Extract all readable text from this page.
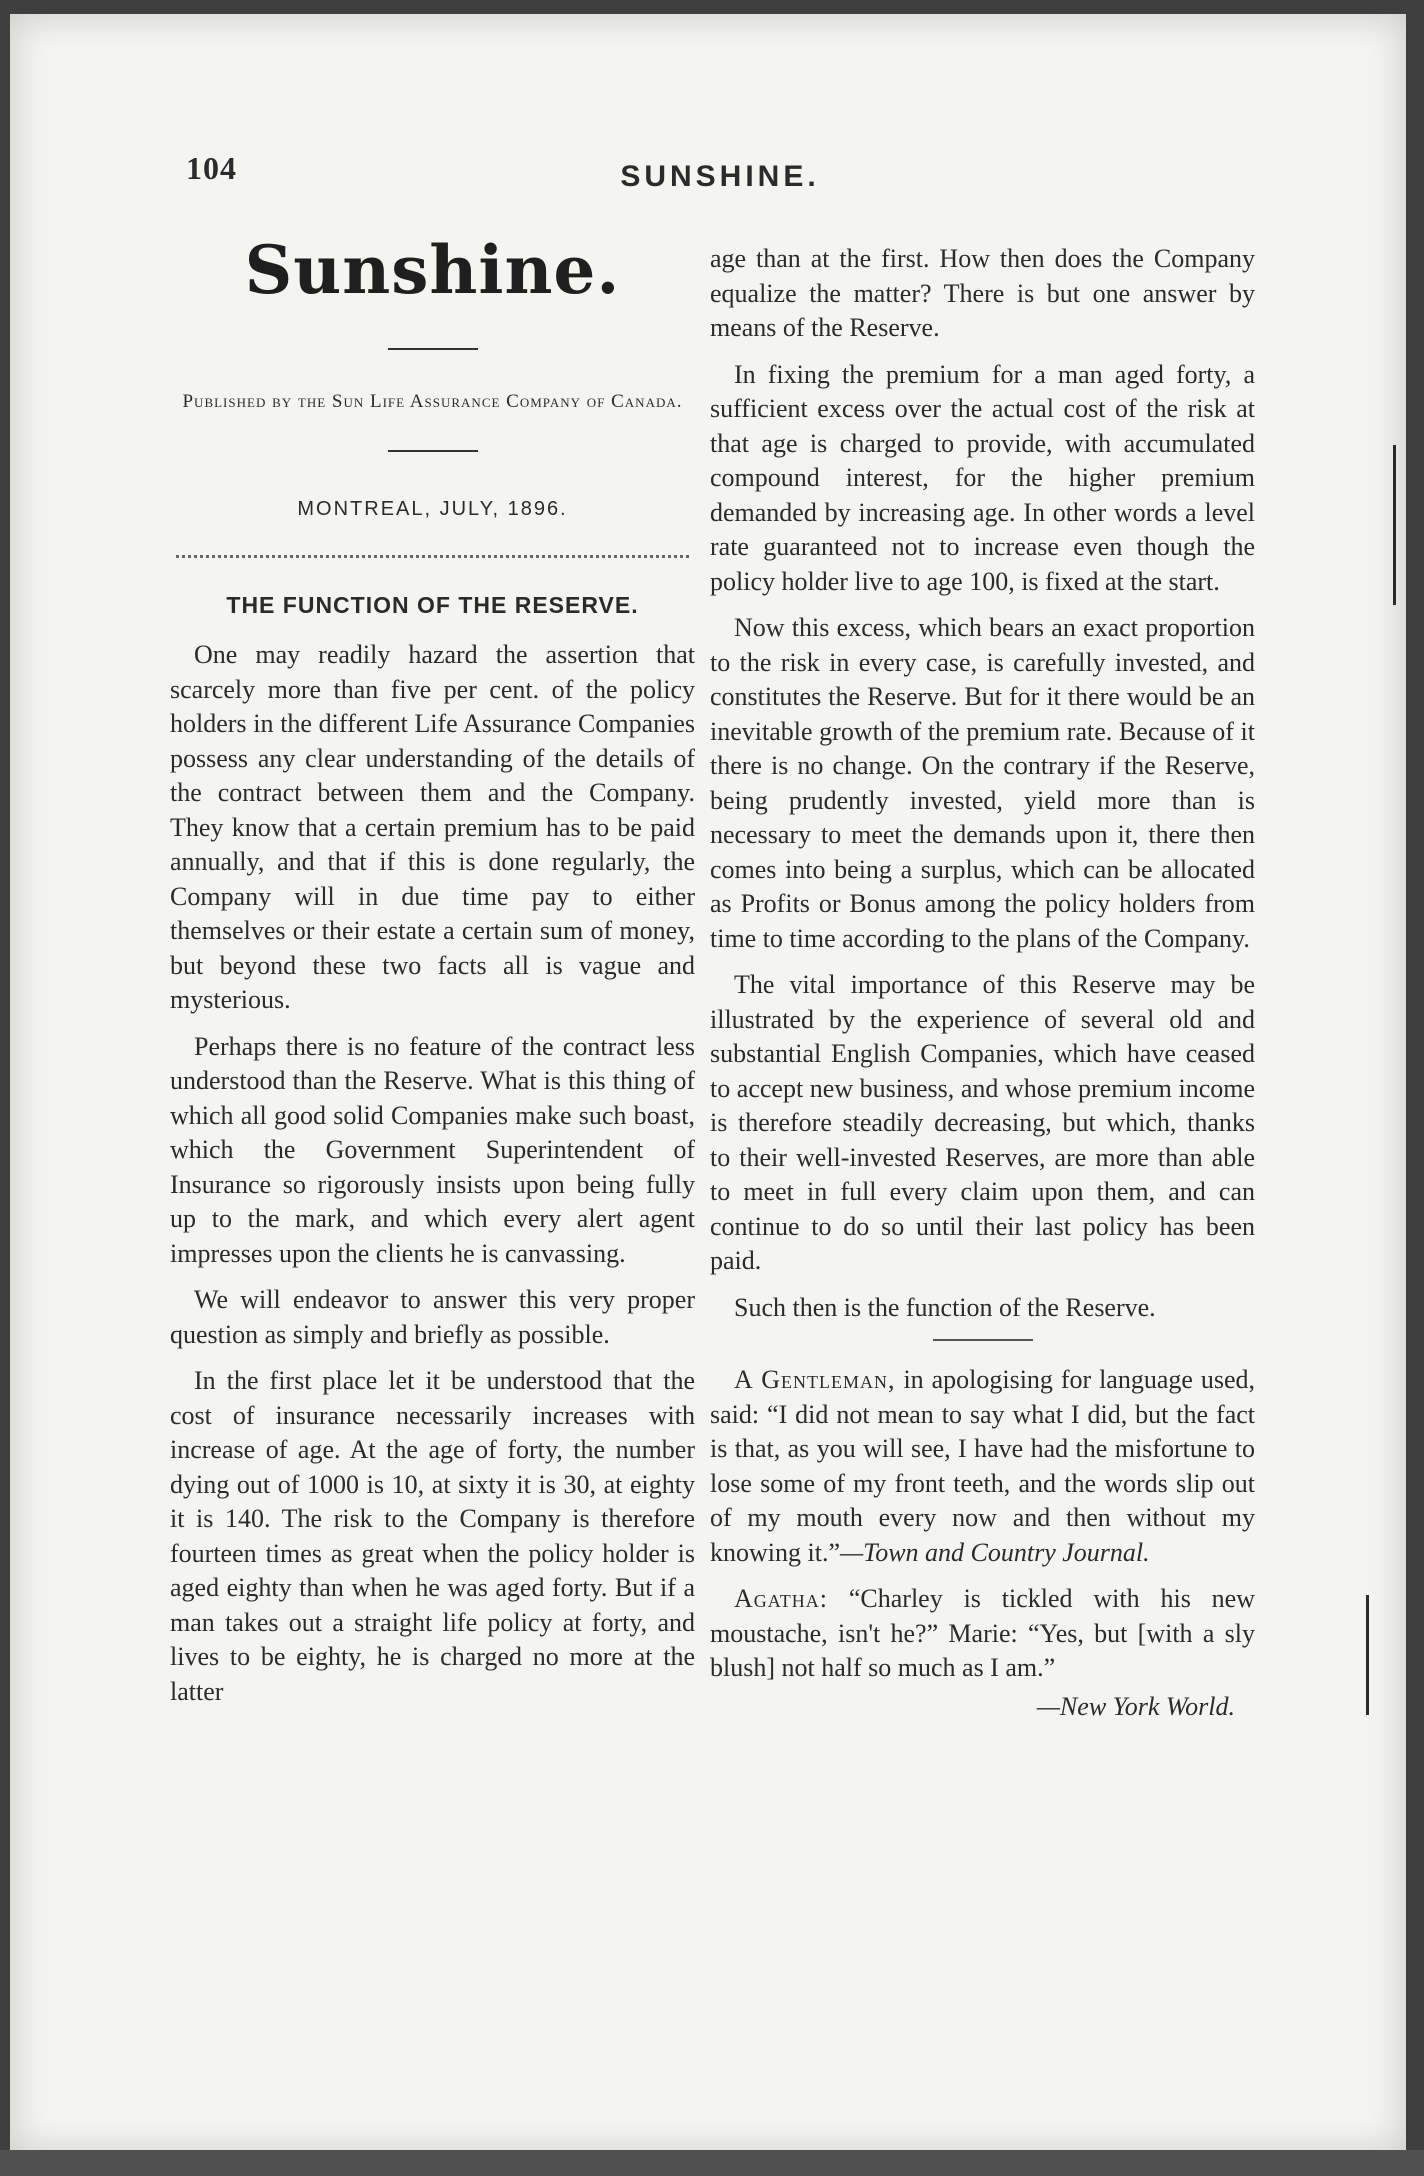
104	SUNSHINE.
Sunshine.
Published by the Sun Life Assurance Company of Canada.
MONTREAL, JULY, 1896.
THE FUNCTION OF THE RESERVE.

One may readily hazard the assertion that scarcely more than five per cent. of the policy holders in the different Life Assurance Companies possess any clear understanding of the details of the contract between them and the Company. They know that a certain premium has to be paid annually, and that if this is done regularly, the Company will in due time pay to either themselves or their estate a certain sum of money, but beyond these two facts all is vague and mysterious.

Perhaps there is no feature of the contract less understood than the Reserve. What is this thing of which all good solid Companies make such boast, which the Government Superintendent of Insurance so rigorously insists upon being fully up to the mark, and which every alert agent impresses upon the clients he is canvassing.

We will endeavor to answer this very proper question as simply and briefly as possible.

In the first place let it be understood that the cost of insurance necessarily increases with increase of age. At the age of forty, the number dying out of 1000 is 10, at sixty it is 30, at eighty it is 140. The risk to the Company is therefore fourteen times as great when the policy holder is aged eighty than when he was aged forty. But if a man takes out a straight life policy at forty, and lives to be eighty, he is charged no more at the latter

age than at the first. How then does the Company equalize the matter? There is but one answer by means of the Reserve.

In fixing the premium for a man aged forty, a sufficient excess over the actual cost of the risk at that age is charged to provide, with accumulated compound interest, for the higher premium demanded by increasing age. In other words a level rate guaranteed not to increase even though the policy holder live to age 100, is fixed at the start.

Now this excess, which bears an exact proportion to the risk in every case, is carefully invested, and constitutes the Reserve. But for it there would be an inevitable growth of the premium rate. Because of it there is no change. On the contrary if the Reserve, being prudently invested, yield more than is necessary to meet the demands upon it, there then comes into being a surplus, which can be allocated as Profits or Bonus among the policy holders from time to time according to the plans of the Company.

The vital importance of this Reserve may be illustrated by the experience of several old and substantial English Companies, which have ceased to accept new business, and whose premium income is therefore steadily decreasing, but which, thanks to their well-invested Reserves, are more than able to meet in full every claim upon them, and can continue to do so until their last policy has been paid.

Such then is the function of the Reserve.

A Gentleman, in apologising for language used, said: “I did not mean to say what I did, but the fact is that, as you will see, I have had the misfortune to lose some of my front teeth, and the words slip out of my mouth every now and then without my knowing it.”—Town and Country Journal.

Agatha: “Charley is tickled with his new moustache, isn't he?” Marie: “Yes, but [with a sly blush] not half so much as I am.”

—New York World.
